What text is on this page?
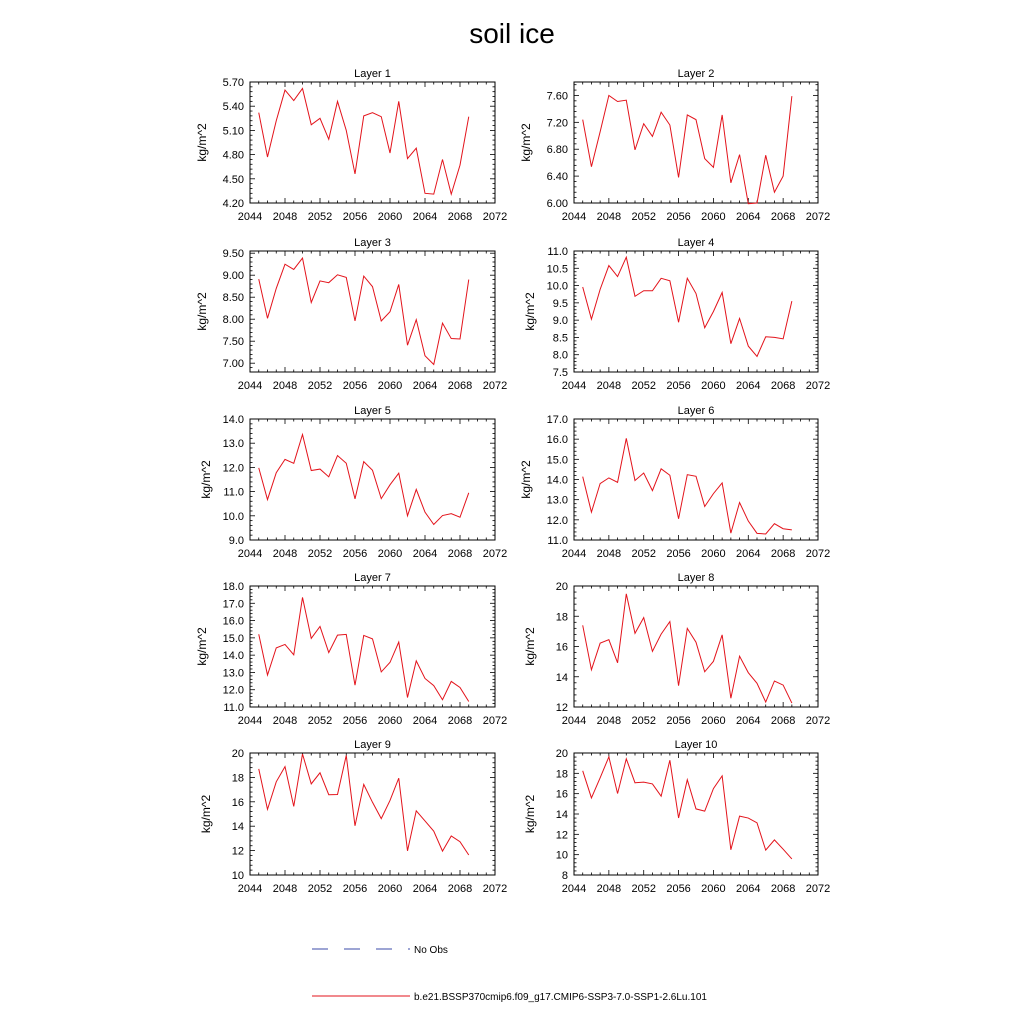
soil ice
Layer 1
2044 2048 2052 2056 2060 2064 2068 2072
4.20
4.50
4.80
5.10
5.40
5.70
kg/m^2
Layer 2
2044 2048 2052 2056 2060 2064 2068 2072
6.00
6.40
6.80
7.20
7.60
kg/m^2
Layer 3
2044 2048 2052 2056 2060 2064 2068 2072
7.00
7.50
8.00
8.50
9.00
9.50
kg/m^2
Layer 4
2044 2048 2052 2056 2060 2064 2068 2072
7.5
8.0
8.5
9.0
9.5
10.0
10.5
11.0
kg/m^2
Layer 5
2044 2048 2052 2056 2060 2064 2068 2072
9.0
10.0
11.0
12.0
13.0
14.0
kg/m^2
Layer 6
2044 2048 2052 2056 2060 2064 2068 2072
11.0
12.0
13.0
14.0
15.0
16.0
17.0
kg/m^2
Layer 7
2044 2048 2052 2056 2060 2064 2068 2072
11.0
12.0
13.0
14.0
15.0
16.0
17.0
18.0
kg/m^2
Layer 8
2044 2048 2052 2056 2060 2064 2068 2072
12
14
16
18
20
kg/m^2
Layer 9
2044 2048 2052 2056 2060 2064 2068 2072
10
12
14
16
18
20
kg/m^2
Layer 10
2044 2048 2052 2056 2060 2064 2068 2072
8
10
12
14
16
18
20
kg/m^2
No Obs
b.e21.BSSP370cmip6.f09_g17.CMIP6-SSP3-7.0-SSP1-2.6Lu.101
